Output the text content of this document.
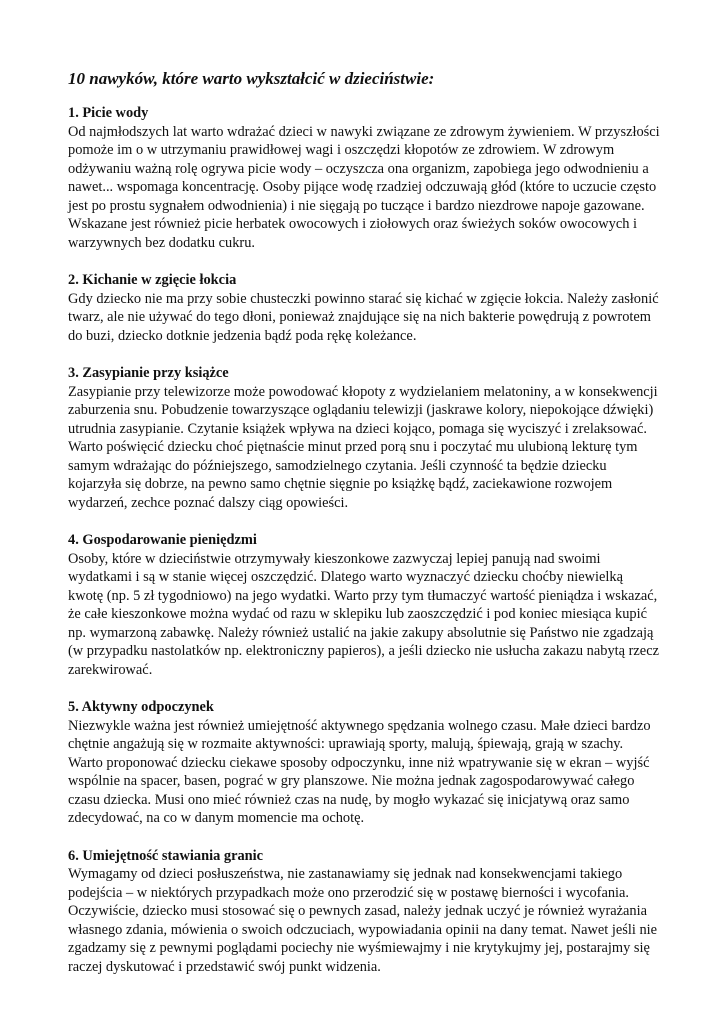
10 nawyków, które warto wykształcić w dzieciństwie:

1. Picie wody

Od najmłodszych lat warto wdrażać dzieci w nawyki związane ze zdrowym żywieniem. W przyszłości pomoże im o w utrzymaniu prawidłowej wagi i oszczędzi kłopotów ze zdrowiem. W zdrowym odżywaniu ważną rolę ogrywa picie wody – oczyszcza ona organizm, zapobiega jego odwodnieniu a nawet... wspomaga koncentrację. Osoby pijące wodę rzadziej odczuwają głód (które to uczucie często jest po prostu sygnałem odwodnienia) i nie sięgają po tuczące i bardzo niezdrowe napoje gazowane. Wskazane jest również picie herbatek owocowych i ziołowych oraz świeżych soków owocowych i warzywnych bez dodatku cukru.

2. Kichanie w zgięcie łokcia

Gdy dziecko nie ma przy sobie chusteczki powinno starać się kichać w zgięcie łokcia. Należy zasłonić twarz, ale nie używać do tego dłoni, ponieważ znajdujące się na nich bakterie powędrują z powrotem do buzi, dziecko dotknie jedzenia bądź poda rękę koleżance.

3. Zasypianie przy książce

Zasypianie przy telewizorze może powodować kłopoty z wydzielaniem melatoniny, a w konsekwencji zaburzenia snu. Pobudzenie towarzyszące oglądaniu telewizji (jaskrawe kolory, niepokojące dźwięki) utrudnia zasypianie. Czytanie książek wpływa na dzieci kojąco, pomaga się wyciszyć i zrelaksować. Warto poświęcić dziecku choć piętnaście minut przed porą snu i poczytać mu ulubioną lekturę tym samym wdrażając do późniejszego, samodzielnego czytania. Jeśli czynność ta będzie dziecku kojarzyła się dobrze, na pewno samo chętnie sięgnie po książkę bądź, zaciekawione rozwojem wydarzeń, zechce poznać dalszy ciąg opowieści.

4. Gospodarowanie pieniędzmi

Osoby, które w dzieciństwie otrzymywały kieszonkowe zazwyczaj lepiej panują nad swoimi wydatkami i są w stanie więcej oszczędzić. Dlatego warto wyznaczyć dziecku choćby niewielką kwotę (np. 5 zł tygodniowo) na jego wydatki. Warto przy tym tłumaczyć wartość pieniądza i wskazać, że całe kieszonkowe można wydać od razu w sklepiku lub zaoszczędzić i pod koniec miesiąca kupić np. wymarzoną zabawkę. Należy również ustalić na jakie zakupy absolutnie się Państwo nie zgadzają (w przypadku nastolatków np. elektroniczny papieros), a jeśli dziecko nie usłucha zakazu nabytą rzecz zarekwirować.

5. Aktywny odpoczynek

Niezwykle ważna jest również umiejętność aktywnego spędzania wolnego czasu. Małe dzieci bardzo chętnie angażują się w rozmaite aktywności: uprawiają sporty, malują, śpiewają, grają w szachy. Warto proponować dziecku ciekawe sposoby odpoczynku, inne niż wpatrywanie się w ekran – wyjść wspólnie na spacer, basen, pograć w gry planszowe. Nie można jednak zagospodarowywać całego czasu dziecka. Musi ono mieć również czas na nudę, by mogło wykazać się inicjatywą oraz samo zdecydować, na co w danym momencie ma ochotę.

6. Umiejętność stawiania granic

Wymagamy od dzieci posłuszeństwa, nie zastanawiamy się jednak nad konsekwencjami takiego podejścia – w niektórych przypadkach może ono przerodzić się w postawę bierności i wycofania. Oczywiście, dziecko musi stosować się o pewnych zasad, należy jednak uczyć je również wyrażania własnego zdania, mówienia o swoich odczuciach, wypowiadania opinii na dany temat. Nawet jeśli nie zgadzamy się z pewnymi poglądami pociechy nie wyśmiewajmy i nie krytykujmy jej, postarajmy się raczej dyskutować i przedstawić swój punkt widzenia.
